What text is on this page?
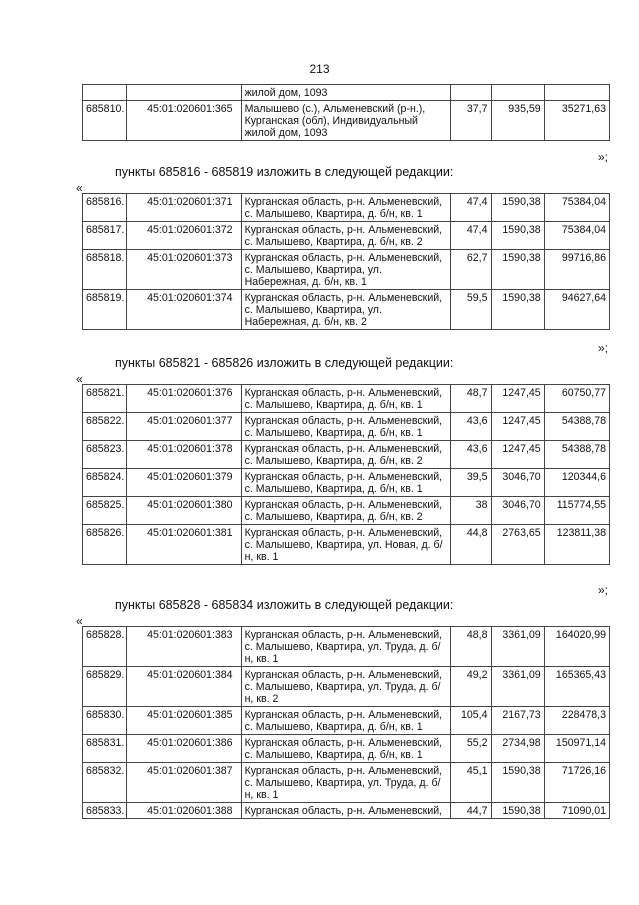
213
		жилой дом, 1093			
685810.	45:01:020601:365	Малышево (с.), Альменевский (р-н.), Курганская (обл), Индивидуальный жилой дом, 1093	37,7	935,59	35271,63
»;
пункты 685816 - 685819 изложить в следующей редакции:
«
685816.	45:01:020601:371	Курганская область, р-н. Альменевский, с. Малышево, Квартира, д. б/н, кв. 1	47,4	1590,38	75384,04
685817.	45:01:020601:372	Курганская область, р-н. Альменевский, с. Малышево, Квартира, д. б/н, кв. 2	47,4	1590,38	75384,04
685818.	45:01:020601:373	Курганская область, р-н. Альменевский, с. Малышево, Квартира, ул. Набережная, д. б/н, кв. 1	62,7	1590,38	99716,86
685819.	45:01:020601:374	Курганская область, р-н. Альменевский, с. Малышево, Квартира, ул. Набережная, д. б/н, кв. 2	59,5	1590,38	94627,64
»;
пункты 685821 - 685826 изложить в следующей редакции:
«
685821.	45:01:020601:376	Курганская область, р-н. Альменевский, с. Малышево, Квартира, д. б/н, кв. 1	48,7	1247,45	60750,77
685822.	45:01:020601:377	Курганская область, р-н. Альменевский, с. Малышево, Квартира, д. б/н, кв. 1	43,6	1247,45	54388,78
685823.	45:01:020601:378	Курганская область, р-н. Альменевский, с. Малышево, Квартира, д. б/н, кв. 2	43,6	1247,45	54388,78
685824.	45:01:020601:379	Курганская область, р-н. Альменевский, с. Малышево, Квартира, д. б/н, кв. 1	39,5	3046,70	120344,6
685825.	45:01:020601:380	Курганская область, р-н. Альменевский, с. Малышево, Квартира, д. б/н, кв. 2	38	3046,70	115774,55
685826.	45:01:020601:381	Курганская область, р-н. Альменевский, с. Малышево, Квартира, ул. Новая, д. б/н, кв. 1	44,8	2763,65	123811,38
»;
пункты 685828 - 685834 изложить в следующей редакции:
«
685828.	45:01:020601:383	Курганская область, р-н. Альменевский, с. Малышево, Квартира, ул. Труда, д. б/н, кв. 1	48,8	3361,09	164020,99
685829.	45:01:020601:384	Курганская область, р-н. Альменевский, с. Малышево, Квартира, ул. Труда, д. б/н, кв. 2	49,2	3361,09	165365,43
685830.	45:01:020601:385	Курганская область, р-н. Альменевский, с. Малышево, Квартира, д. б/н, кв. 1	105,4	2167,73	228478,3
685831.	45:01:020601:386	Курганская область, р-н. Альменевский, с. Малышево, Квартира, д. б/н, кв. 1	55,2	2734,98	150971,14
685832.	45:01:020601:387	Курганская область, р-н. Альменевский, с. Малышево, Квартира, ул. Труда, д. б/н, кв. 1	45,1	1590,38	71726,16
685833.	45:01:020601:388	Курганская область, р-н. Альменевский,	44,7	1590,38	71090,01
